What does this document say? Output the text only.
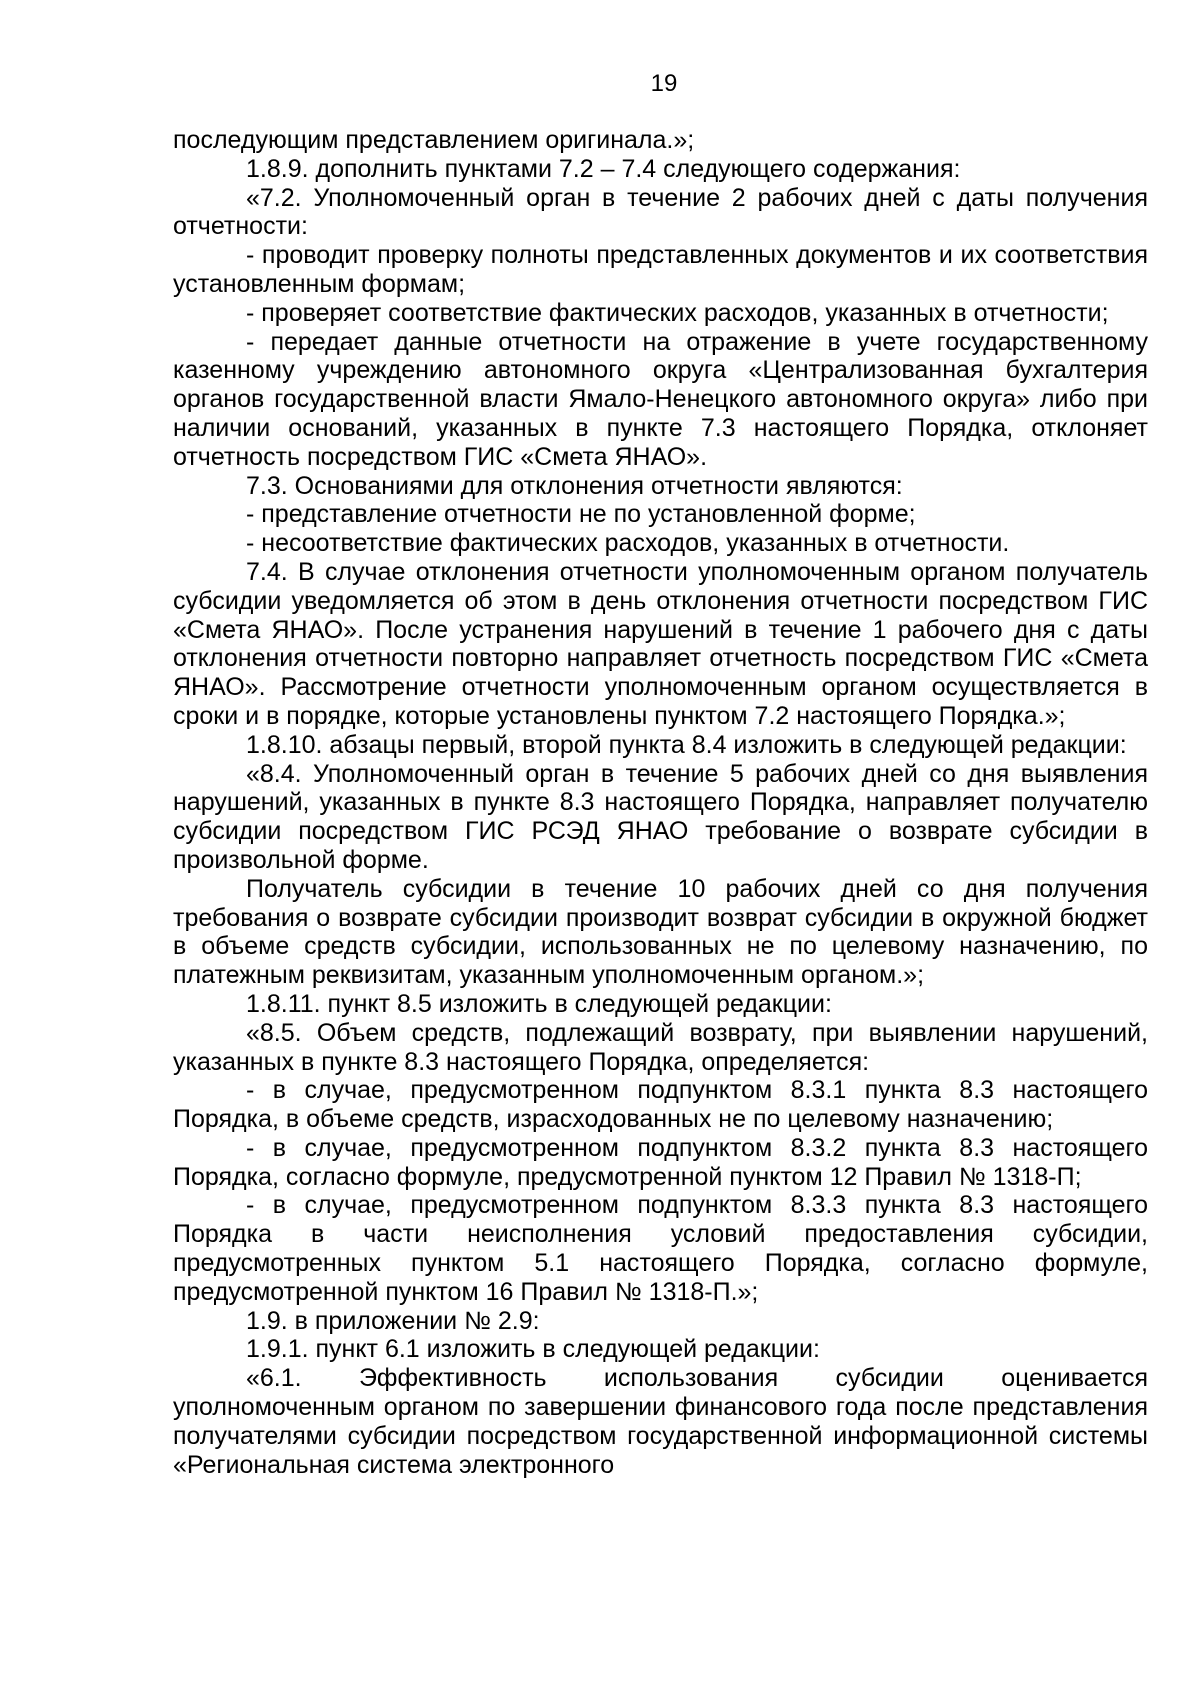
19

последующим представлением оригинала.»;

1.8.9. дополнить пунктами 7.2 – 7.4 следующего содержания:

«7.2. Уполномоченный орган в течение 2 рабочих дней с даты получения отчетности:

- проводит проверку полноты представленных документов и их соответствия установленным формам;

- проверяет соответствие фактических расходов, указанных в отчетности;

- передает данные отчетности на отражение в учете государственному казенному учреждению автономного округа «Централизованная бухгалтерия органов государственной власти Ямало-Ненецкого автономного округа» либо при наличии оснований, указанных в пункте 7.3 настоящего Порядка, отклоняет отчетность посредством ГИС «Смета ЯНАО».

7.3. Основаниями для отклонения отчетности являются:

- представление отчетности не по установленной форме;

- несоответствие фактических расходов, указанных в отчетности.

7.4. В случае отклонения отчетности уполномоченным органом получатель субсидии уведомляется об этом в день отклонения отчетности посредством ГИС «Смета ЯНАО». После устранения нарушений в течение 1 рабочего дня с даты отклонения отчетности повторно направляет отчетность посредством ГИС «Смета ЯНАО». Рассмотрение отчетности уполномоченным органом осуществляется в сроки и в порядке, которые установлены пунктом 7.2 настоящего Порядка.»;

1.8.10. абзацы первый, второй пункта 8.4 изложить в следующей редакции:

«8.4. Уполномоченный орган в течение 5 рабочих дней со дня выявления нарушений, указанных в пункте 8.3 настоящего Порядка, направляет получателю субсидии посредством ГИС РСЭД ЯНАО требование о возврате субсидии в произвольной форме.

Получатель субсидии в течение 10 рабочих дней со дня получения требования о возврате субсидии производит возврат субсидии в окружной бюджет в объеме средств субсидии, использованных не по целевому назначению, по платежным реквизитам, указанным уполномоченным органом.»;

1.8.11. пункт 8.5 изложить в следующей редакции:

«8.5. Объем средств, подлежащий возврату, при выявлении нарушений, указанных в пункте 8.3 настоящего Порядка, определяется:

- в случае, предусмотренном подпунктом 8.3.1 пункта 8.3 настоящего Порядка, в объеме средств, израсходованных не по целевому назначению;

- в случае, предусмотренном подпунктом 8.3.2 пункта 8.3 настоящего Порядка, согласно формуле, предусмотренной пунктом 12 Правил № 1318-П;

- в случае, предусмотренном подпунктом 8.3.3 пункта 8.3 настоящего Порядка в части неисполнения условий предоставления субсидии, предусмотренных пунктом 5.1 настоящего Порядка, согласно формуле, предусмотренной пунктом 16 Правил № 1318-П.»;

1.9. в приложении № 2.9:

1.9.1. пункт 6.1 изложить в следующей редакции:

«6.1. Эффективность использования субсидии оценивается уполномоченным органом по завершении финансового года после представления получателями субсидии посредством государственной информационной системы «Региональная система электронного
